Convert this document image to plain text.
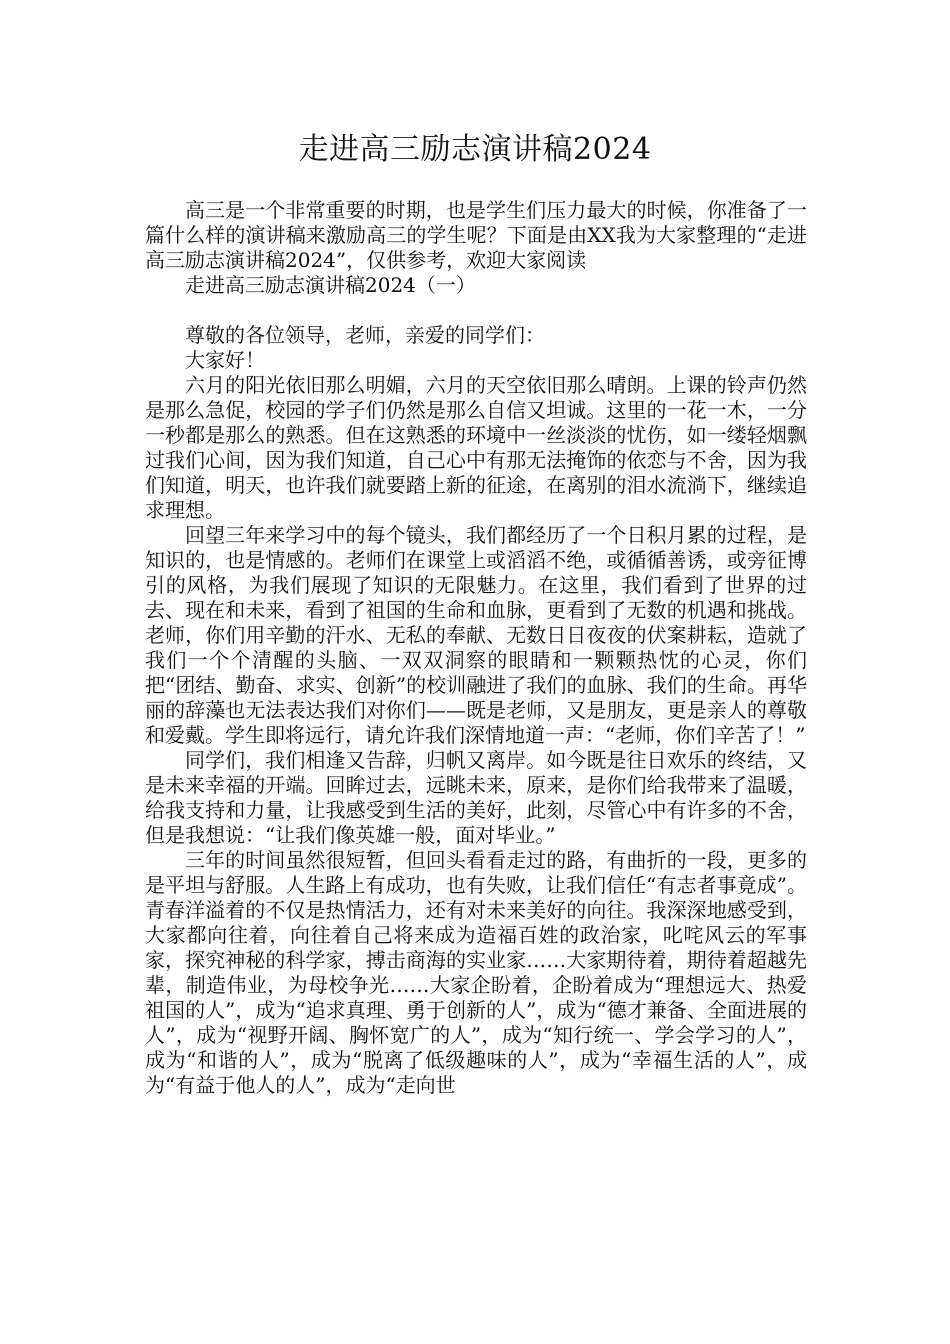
走进高三励志演讲稿2024

高三是一个非常重要的时期，也是学生们压力最大的时候，你准备了一篇什么样的演讲稿来激励高三的学生呢？下面是由XX我为大家整理的“走进高三励志演讲稿2024”，仅供参考，欢迎大家阅读

走进高三励志演讲稿2024（一）

尊敬的各位领导，老师，亲爱的同学们：

大家好！

六月的阳光依旧那么明媚，六月的天空依旧那么晴朗。上课的铃声仍然是那么急促，校园的学子们仍然是那么自信又坦诚。这里的一花一木，一分一秒都是那么的熟悉。但在这熟悉的环境中一丝淡淡的忧伤，如一缕轻烟飘过我们心间，因为我们知道，自己心中有那无法掩饰的依恋与不舍，因为我们知道，明天，也许我们就要踏上新的征途，在离别的泪水流淌下，继续追求理想。

回望三年来学习中的每个镜头，我们都经历了一个日积月累的过程，是知识的，也是情感的。老师们在课堂上或滔滔不绝，或循循善诱，或旁征博引的风格，为我们展现了知识的无限魅力。在这里，我们看到了世界的过去、现在和未来，看到了祖国的生命和血脉，更看到了无数的机遇和挑战。老师，你们用辛勤的汗水、无私的奉献、无数日日夜夜的伏案耕耘，造就了我们一个个清醒的头脑、一双双洞察的眼睛和一颗颗热忱的心灵，你们把“团结、勤奋、求实、创新”的校训融进了我们的血脉、我们的生命。再华丽的辞藻也无法表达我们对你们——既是老师，又是朋友，更是亲人的尊敬和爱戴。学生即将远行，请允许我们深情地道一声：“老师，你们辛苦了！”

同学们，我们相逢又告辞，归帆又离岸。如今既是往日欢乐的终结，又是未来幸福的开端。回眸过去，远眺未来，原来，是你们给我带来了温暖，给我支持和力量，让我感受到生活的美好，此刻，尽管心中有许多的不舍，但是我想说：“让我们像英雄一般，面对毕业。”

三年的时间虽然很短暂，但回头看看走过的路，有曲折的一段，更多的是平坦与舒服。人生路上有成功，也有失败，让我们信任“有志者事竟成”。青春洋溢着的不仅是热情活力，还有对未来美好的向往。我深深地感受到，大家都向往着，向往着自己将来成为造福百姓的政治家，叱咤风云的军事家，探究神秘的科学家，搏击商海的实业家……大家期待着，期待着超越先辈，制造伟业，为母校争光……大家企盼着，企盼着成为“理想远大、热爱祖国的人”，成为“追求真理、勇于创新的人”，成为“德才兼备、全面进展的人”，成为“视野开阔、胸怀宽广的人”，成为“知行统一、学会学习的人”，成为“和谐的人”，成为“脱离了低级趣味的人”，成为“幸福生活的人”，成为“有益于他人的人”，成为“走向世
